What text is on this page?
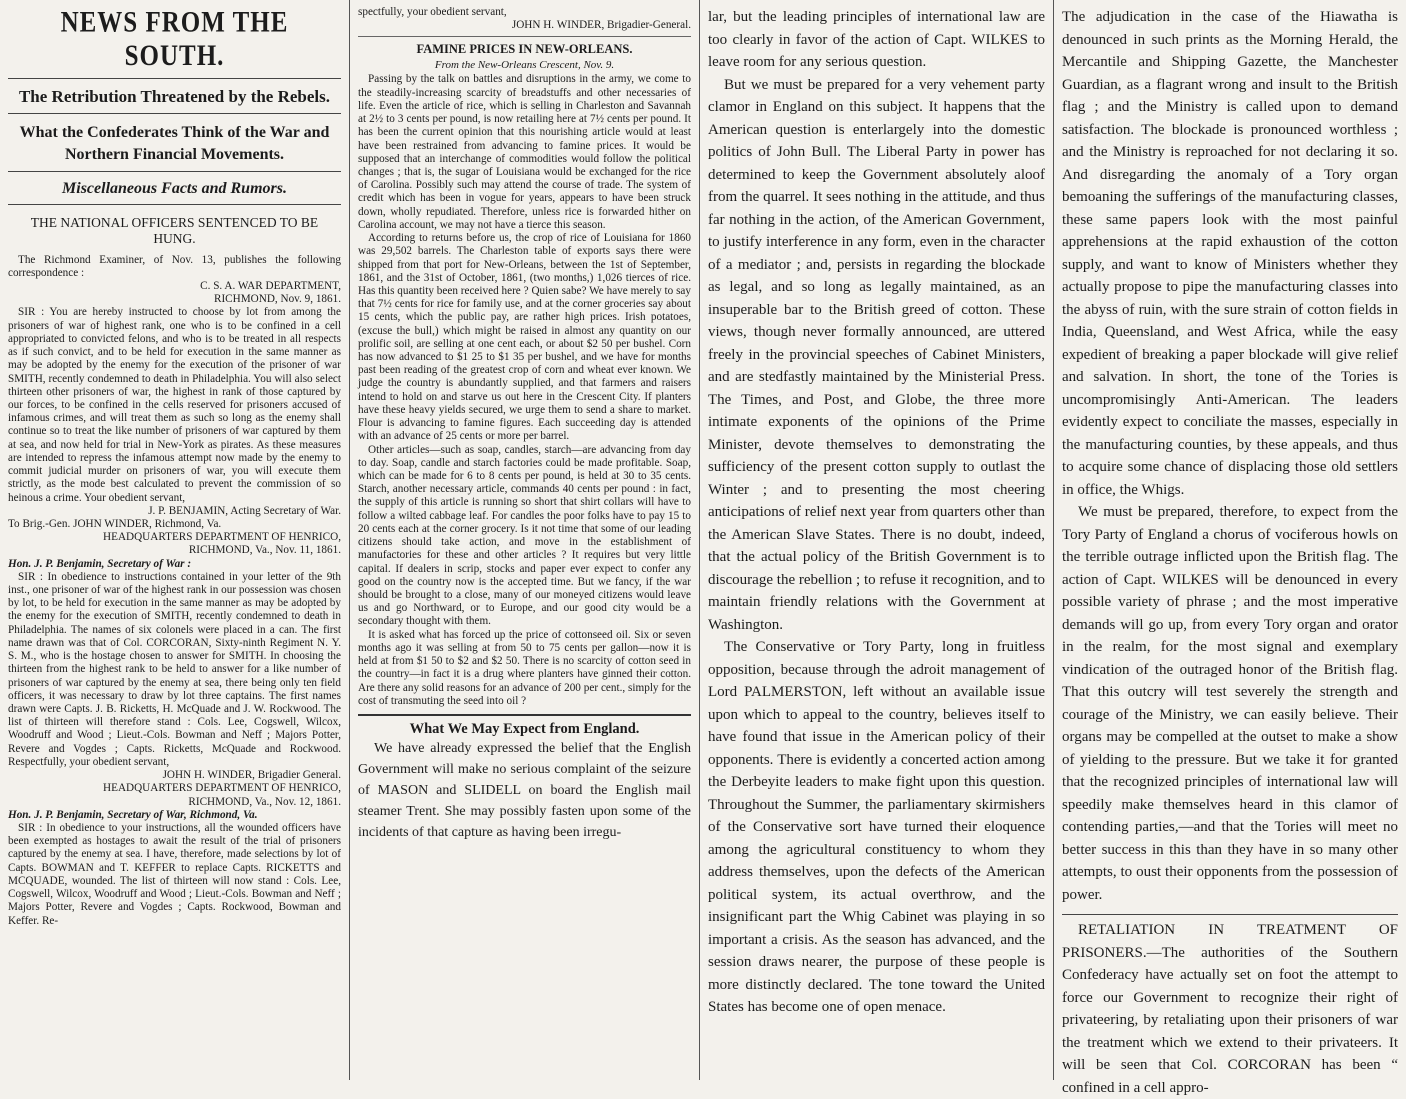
NEWS FROM THE SOUTH.
The Retribution Threatened by the Rebels.
What the Confederates Think of the War and Northern Financial Movements.
Miscellaneous Facts and Rumors.
THE NATIONAL OFFICERS SENTENCED TO BE HUNG.

The Richmond Examiner, of Nov. 13, publishes the following correspondence :

C. S. A. WAR DEPARTMENT,

RICHMOND, Nov. 9, 1861.

SIR : You are hereby instructed to choose by lot from among the prisoners of war of highest rank, one who is to be confined in a cell appropriated to convicted felons, and who is to be treated in all respects as if such convict, and to be held for execution in the same manner as may be adopted by the enemy for the execution of the prisoner of war SMITH, recently condemned to death in Philadelphia. You will also select thirteen other prisoners of war, the highest in rank of those captured by our forces, to be confined in the cells reserved for prisoners accused of infamous crimes, and will treat them as such so long as the enemy shall continue so to treat the like number of prisoners of war captured by them at sea, and now held for trial in New-York as pirates. As these measures are intended to repress the infamous attempt now made by the enemy to commit judicial murder on prisoners of war, you will execute them strictly, as the mode best calculated to prevent the commission of so heinous a crime. Your obedient servant,

J. P. BENJAMIN, Acting Secretary of War.

To Brig.-Gen. JOHN WINDER, Richmond, Va.

HEADQUARTERS DEPARTMENT OF HENRICO,

RICHMOND, Va., Nov. 11, 1861.

Hon. J. P. Benjamin, Secretary of War :

SIR : In obedience to instructions contained in your letter of the 9th inst., one prisoner of war of the highest rank in our possession was chosen by lot, to be held for execution in the same manner as may be adopted by the enemy for the execution of SMITH, recently condemned to death in Philadelphia. The names of six colonels were placed in a can. The first name drawn was that of Col. CORCORAN, Sixty-ninth Regiment N. Y. S. M., who is the hostage chosen to answer for SMITH. In choosing the thirteen from the highest rank to be held to answer for a like number of prisoners of war captured by the enemy at sea, there being only ten field officers, it was necessary to draw by lot three captains. The first names drawn were Capts. J. B. Ricketts, H. McQuade and J. W. Rockwood. The list of thirteen will therefore stand : Cols. Lee, Cogswell, Wilcox, Woodruff and Wood ; Lieut.-Cols. Bowman and Neff ; Majors Potter, Revere and Vogdes ; Capts. Ricketts, McQuade and Rockwood. Respectfully, your obedient servant,

JOHN H. WINDER, Brigadier General.

HEADQUARTERS DEPARTMENT OF HENRICO,

RICHMOND, Va., Nov. 12, 1861.

Hon. J. P. Benjamin, Secretary of War, Richmond, Va.

SIR : In obedience to your instructions, all the wounded officers have been exempted as hostages to await the result of the trial of prisoners captured by the enemy at sea. I have, therefore, made selections by lot of Capts. BOWMAN and T. KEFFER to replace Capts. RICKETTS and MCQUADE, wounded. The list of thirteen will now stand : Cols. Lee, Cogswell, Wilcox, Woodruff and Wood ; Lieut.-Cols. Bowman and Neff ; Majors Potter, Revere and Vogdes ; Capts. Rockwood, Bowman and Keffer. Re-

spectfully, your obedient servant,

JOHN H. WINDER, Brigadier-General.

FAMINE PRICES IN NEW-ORLEANS.
From the New-Orleans Crescent, Nov. 9.

Passing by the talk on battles and disruptions in the army, we come to the steadily-increasing scarcity of breadstuffs and other necessaries of life. Even the article of rice, which is selling in Charleston and Savannah at 2½ to 3 cents per pound, is now retailing here at 7½ cents per pound. It has been the current opinion that this nourishing article would at least have been restrained from advancing to famine prices. It would be supposed that an interchange of commodities would follow the political changes ; that is, the sugar of Louisiana would be exchanged for the rice of Carolina. Possibly such may attend the course of trade. The system of credit which has been in vogue for years, appears to have been struck down, wholly repudiated. Therefore, unless rice is forwarded hither on Carolina account, we may not have a tierce this season.

According to returns before us, the crop of rice of Louisiana for 1860 was 29,502 barrels. The Charleston table of exports says there were shipped from that port for New-Orleans, between the 1st of September, 1861, and the 31st of October, 1861, (two months,) 1,026 tierces of rice. Has this quantity been received here ? Quien sabe? We have merely to say that 7½ cents for rice for family use, and at the corner groceries say about 15 cents, which the public pay, are rather high prices. Irish potatoes, (excuse the bull,) which might be raised in almost any quantity on our prolific soil, are selling at one cent each, or about $2 50 per bushel. Corn has now advanced to $1 25 to $1 35 per bushel, and we have for months past been reading of the greatest crop of corn and wheat ever known. We judge the country is abundantly supplied, and that farmers and raisers intend to hold on and starve us out here in the Crescent City. If planters have these heavy yields secured, we urge them to send a share to market. Flour is advancing to famine figures. Each succeeding day is attended with an advance of 25 cents or more per barrel.

Other articles—such as soap, candles, starch—are advancing from day to day. Soap, candle and starch factories could be made profitable. Soap, which can be made for 6 to 8 cents per pound, is held at 30 to 35 cents. Starch, another necessary article, commands 40 cents per pound : in fact, the supply of this article is running so short that shirt collars will have to follow a wilted cabbage leaf. For candles the poor folks have to pay 15 to 20 cents each at the corner grocery. Is it not time that some of our leading citizens should take action, and move in the establishment of manufactories for these and other articles ? It requires but very little capital. If dealers in scrip, stocks and paper ever expect to confer any good on the country now is the accepted time. But we fancy, if the war should be brought to a close, many of our moneyed citizens would leave us and go Northward, or to Europe, and our good city would be a secondary thought with them.

It is asked what has forced up the price of cottonseed oil. Six or seven months ago it was selling at from 50 to 75 cents per gallon—now it is held at from $1 50 to $2 and $2 50. There is no scarcity of cotton seed in the country—in fact it is a drug where planters have ginned their cotton. Are there any solid reasons for an advance of 200 per cent., simply for the cost of transmuting the seed into oil ?

What We May Expect from England.

We have already expressed the belief that the English Government will make no serious complaint of the seizure of MASON and SLIDELL on board the English mail steamer Trent. She may possibly fasten upon some of the incidents of that capture as having been irregu-

lar, but the leading principles of international law are too clearly in favor of the action of Capt. WILKES to leave room for any serious question.

But we must be prepared for a very vehement party clamor in England on this subject. It happens that the American question is enterlargely into the domestic politics of John Bull. The Liberal Party in power has determined to keep the Government absolutely aloof from the quarrel. It sees nothing in the attitude, and thus far nothing in the action, of the American Government, to justify interference in any form, even in the character of a mediator ; and, persists in regarding the blockade as legal, and so long as legally maintained, as an insuperable bar to the British greed of cotton. These views, though never formally announced, are uttered freely in the provincial speeches of Cabinet Ministers, and are stedfastly maintained by the Ministerial Press. The Times, and Post, and Globe, the three more intimate exponents of the opinions of the Prime Minister, devote themselves to demonstrating the sufficiency of the present cotton supply to outlast the Winter ; and to presenting the most cheering anticipations of relief next year from quarters other than the American Slave States. There is no doubt, indeed, that the actual policy of the British Government is to discourage the rebellion ; to refuse it recognition, and to maintain friendly relations with the Government at Washington.

The Conservative or Tory Party, long in fruitless opposition, because through the adroit management of Lord PALMERSTON, left without an available issue upon which to appeal to the country, believes itself to have found that issue in the American policy of their opponents. There is evidently a concerted action among the Derbeyite leaders to make fight upon this question. Throughout the Summer, the parliamentary skirmishers of the Conservative sort have turned their eloquence among the agricultural constituency to whom they address themselves, upon the defects of the American political system, its actual overthrow, and the insignificant part the Whig Cabinet was playing in so important a crisis. As the season has advanced, and the session draws nearer, the purpose of these people is more distinctly declared. The tone toward the United States has become one of open menace.

The adjudication in the case of the Hiawatha is denounced in such prints as the Morning Herald, the Mercantile and Shipping Gazette, the Manchester Guardian, as a flagrant wrong and insult to the British flag ; and the Ministry is called upon to demand satisfaction. The blockade is pronounced worthless ; and the Ministry is reproached for not declaring it so. And disregarding the anomaly of a Tory organ bemoaning the sufferings of the manufacturing classes, these same papers look with the most painful apprehensions at the rapid exhaustion of the cotton supply, and want to know of Ministers whether they actually propose to pipe the manufacturing classes into the abyss of ruin, with the sure strain of cotton fields in India, Queensland, and West Africa, while the easy expedient of breaking a paper blockade will give relief and salvation. In short, the tone of the Tories is uncompromisingly Anti-American. The leaders evidently expect to conciliate the masses, especially in the manufacturing counties, by these appeals, and thus to acquire some chance of displacing those old settlers in office, the Whigs.

We must be prepared, therefore, to expect from the Tory Party of England a chorus of vociferous howls on the terrible outrage inflicted upon the British flag. The action of Capt. WILKES will be denounced in every possible variety of phrase ; and the most imperative demands will go up, from every Tory organ and orator in the realm, for the most signal and exemplary vindication of the outraged honor of the British flag. That this outcry will test severely the strength and courage of the Ministry, we can easily believe. Their organs may be compelled at the outset to make a show of yielding to the pressure. But we take it for granted that the recognized principles of international law will speedily make themselves heard in this clamor of contending parties,—and that the Tories will meet no better success in this than they have in so many other attempts, to oust their opponents from the possession of power.

RETALIATION IN TREATMENT OF PRISONERS.—The authorities of the Southern Confederacy have actually set on foot the attempt to force our Government to recognize their right of privateering, by retaliating upon their prisoners of war the treatment which we extend to their privateers. It will be seen that Col. CORCORAN has been “ confined in a cell appro-
